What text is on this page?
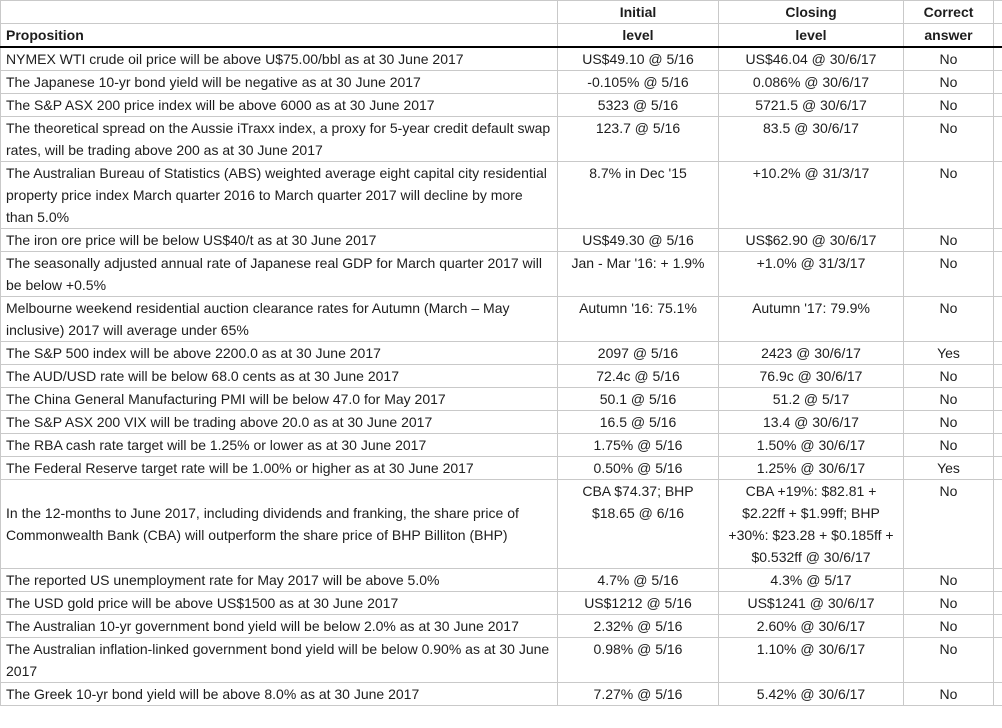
	Initial	Closing	Correct	
Proposition	level	level	answer	
NYMEX WTI crude oil price will be above U$75.00/bbl as at 30 June 2017	US$49.10 @ 5/16	US$46.04 @ 30/6/17	No	
The Japanese 10-yr bond yield will be negative as at 30 June 2017	-0.105% @ 5/16	0.086% @ 30/6/17	No	
The S&P ASX 200 price index will be above 6000 as at 30 June 2017	5323 @ 5/16	5721.5 @ 30/6/17	No	
The theoretical spread on the Aussie iTraxx index, a proxy for 5-year credit default swap rates, will be trading above 200 as at 30 June 2017	123.7 @ 5/16	83.5 @ 30/6/17	No	
The Australian Bureau of Statistics (ABS) weighted average eight capital city residential property price index March quarter 2016 to March quarter 2017 will decline by more than 5.0%	8.7% in Dec '15	+10.2% @ 31/3/17	No	
The iron ore price will be below US$40/t as at 30 June 2017	US$49.30 @ 5/16	US$62.90 @ 30/6/17	No	
The seasonally adjusted annual rate of Japanese real GDP for March quarter 2017 will be below +0.5%	Jan - Mar '16: + 1.9%	+1.0% @ 31/3/17	No	
Melbourne weekend residential auction clearance rates for Autumn (March – May inclusive) 2017 will average under 65%	Autumn '16: 75.1%	Autumn '17: 79.9%	No	
The S&P 500 index will be above 2200.0 as at 30 June 2017	2097 @ 5/16	2423 @ 30/6/17	Yes	
The AUD/USD rate will be below 68.0 cents as at 30 June 2017	72.4c @ 5/16	76.9c @ 30/6/17	No	
The China General Manufacturing PMI will be below 47.0 for May 2017	50.1 @ 5/16	51.2 @ 5/17	No	
The S&P ASX 200 VIX will be trading above 20.0 as at 30 June 2017	16.5 @ 5/16	13.4 @ 30/6/17	No	
The RBA cash rate target will be 1.25% or lower as at 30 June 2017	1.75% @ 5/16	1.50% @ 30/6/17	No	
The Federal Reserve target rate will be 1.00% or higher as at 30 June 2017	0.50% @ 5/16	1.25% @ 30/6/17	Yes	
In the 12-months to June 2017, including dividends and franking, the share price of Commonwealth Bank (CBA) will outperform the share price of BHP Billiton (BHP)	CBA $74.37; BHP $18.65 @ 6/16	CBA +19%: $82.81 + $2.22ff + $1.99ff; BHP +30%: $23.28 + $0.185ff + $0.532ff @ 30/6/17	No	
The reported US unemployment rate for May 2017 will be above 5.0%	4.7% @ 5/16	4.3% @ 5/17	No	
The USD gold price will be above US$1500 as at 30 June 2017	US$1212 @ 5/16	US$1241 @ 30/6/17	No	
The Australian 10-yr government bond yield will be below 2.0% as at 30 June 2017	2.32% @ 5/16	2.60% @ 30/6/17	No	
The Australian inflation-linked government bond yield will be below 0.90% as at 30 June 2017	0.98% @ 5/16	1.10% @ 30/6/17	No	
The Greek 10-yr bond yield will be above 8.0% as at 30 June 2017	7.27% @ 5/16	5.42% @ 30/6/17	No	
